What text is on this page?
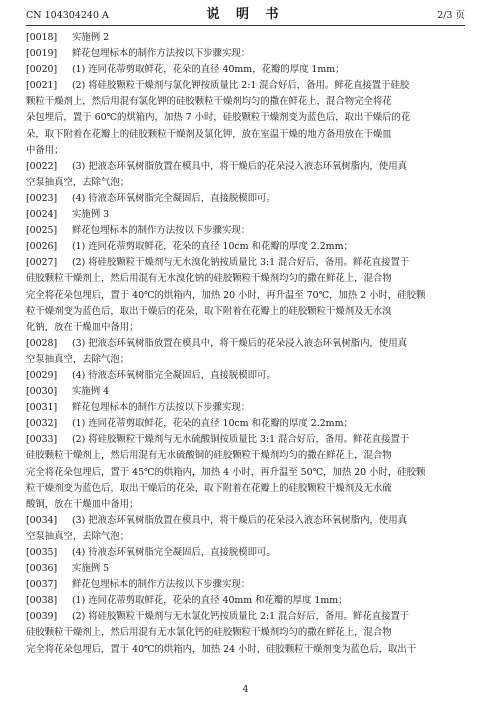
CN 104304240 A	说 明 书	2/3 页
[0018] 实施例 2
[0019] 鲜花包埋标本的制作方法按以下步骤实现：
[0020] (1) 连同花蒂剪取鲜花，花朵的直径 40mm，花瓣的厚度 1mm；
[0021] (2) 将硅胶颗粒干燥剂与氯化钾按质量比 2:1 混合好后，备用。鲜花直接置于硅胶
颗粒干燥剂上，然后用混有氯化钾的硅胶颗粒干燥剂均匀的撒在鲜花上，混合物完全将花
朵包埋后，置于 60℃的烘箱内，加热 7 小时，硅胶颗粒干燥剂变为蓝色后，取出干燥后的花
朵，取下附着在花瓣上的硅胶颗粒干燥剂及氯化钾，放在室温干燥的地方备用放在干燥皿
中备用；
[0022] (3) 把液态环氧树脂放置在模具中，将干燥后的花朵浸入液态环氧树脂内，使用真
空泵抽真空，去除气泡；
[0023] (4) 待液态环氧树脂完全凝固后，直接脱模即可。
[0024] 实施例 3
[0025] 鲜花包埋标本的制作方法按以下步骤实现：
[0026] (1) 连同花蒂剪取鲜花，花朵的直径 10cm 和花瓣的厚度 2.2mm；
[0027] (2) 将硅胶颗粒干燥剂与无水溴化钠按质量比 3:1 混合好后，备用。鲜花直接置于
硅胶颗粒干燥剂上，然后用混有无水溴化钠的硅胶颗粒干燥剂均匀的撒在鲜花上，混合物
完全将花朵包埋后，置于 40℃的烘箱内，加热 20 小时，再升温至 70℃，加热 2 小时，硅胶颗
粒干燥剂变为蓝色后，取出干燥后的花朵，取下附着在花瓣上的硅胶颗粒干燥剂及无水溴
化钠，放在干燥皿中备用；
[0028] (3) 把液态环氧树脂放置在模具中，将干燥后的花朵浸入液态环氧树脂内，使用真
空泵抽真空，去除气泡；
[0029] (4) 待液态环氧树脂完全凝固后，直接脱模即可。
[0030] 实施例 4
[0031] 鲜花包埋标本的制作方法按以下步骤实现：
[0032] (1) 连同花蒂剪取鲜花，花朵的直径 10cm 和花瓣的厚度 2.2mm；
[0033] (2) 将硅胶颗粒干燥剂与无水硫酸铜按质量比 3:1 混合好后，备用。鲜花直接置于
硅胶颗粒干燥剂上，然后用混有无水硫酸铜的硅胶颗粒干燥剂均匀的撒在鲜花上，混合物
完全将花朵包埋后，置于 45℃的烘箱内，加热 4 小时，再升温至 50℃，加热 20 小时，硅胶颗
粒干燥剂变为蓝色后，取出干燥后的花朵，取下附着在花瓣上的硅胶颗粒干燥剂及无水硫
酸铜，放在干燥皿中备用；
[0034] (3) 把液态环氧树脂放置在模具中，将干燥后的花朵浸入液态环氧树脂内，使用真
空泵抽真空，去除气泡；
[0035] (4) 待液态环氧树脂完全凝固后，直接脱模即可。
[0036] 实施例 5
[0037] 鲜花包埋标本的制作方法按以下步骤实现：
[0038] (1) 连同花蒂剪取鲜花，花朵的直径 40mm 和花瓣的厚度 1mm；
[0039] (2) 将硅胶颗粒干燥剂与无水氯化钙按质量比 2:1 混合好后，备用。鲜花直接置于
硅胶颗粒干燥剂上，然后用混有无水氯化钙的硅胶颗粒干燥剂均匀的撒在鲜花上，混合物
完全将花朵包埋后，置于 40℃的烘箱内，加热 24 小时，硅胶颗粒干燥剂变为蓝色后，取出干
4
